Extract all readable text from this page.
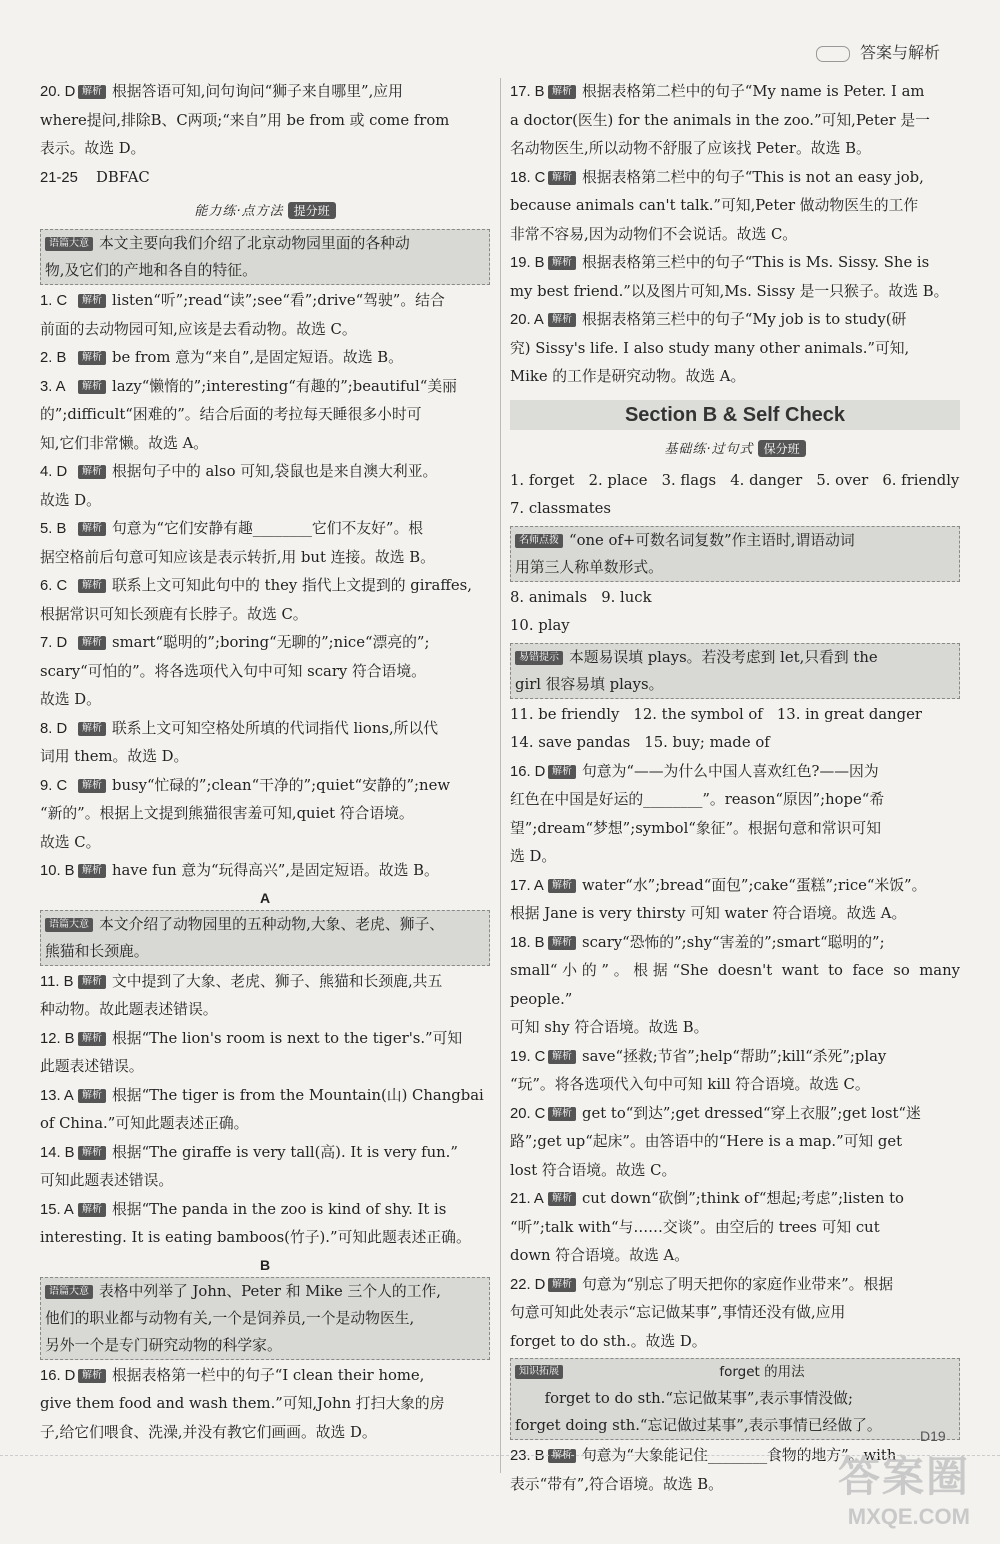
答案与解析

20. D 解析 根据答语可知,问句询问“狮子来自哪里”,应用

where提问,排除B、C两项;“来自”用 be from 或 come from

表示。故选 D。

21-25 DBFAC

能力练·点方法 提分班

语篇大意 本文主要向我们介绍了北京动物园里面的各种动

物,及它们的产地和各自的特征。

1. C 解析 listen“听”;read“读”;see“看”;drive“驾驶”。结合

前面的去动物园可知,应该是去看动物。故选 C。

2. B 解析 be from 意为“来自”,是固定短语。故选 B。

3. A 解析 lazy“懒惰的”;interesting“有趣的”;beautiful“美丽

的”;difficult“困难的”。结合后面的考拉每天睡很多小时可

知,它们非常懒。故选 A。

4. D 解析 根据句子中的 also 可知,袋鼠也是来自澳大利亚。

故选 D。

5. B 解析 句意为“它们安静有趣________它们不友好”。根

据空格前后句意可知应该是表示转折,用 but 连接。故选 B。

6. C 解析 联系上文可知此句中的 they 指代上文提到的 giraffes,

根据常识可知长颈鹿有长脖子。故选 C。

7. D 解析 smart“聪明的”;boring“无聊的”;nice“漂亮的”;

scary“可怕的”。将各选项代入句中可知 scary 符合语境。

故选 D。

8. D 解析 联系上文可知空格处所填的代词指代 lions,所以代

词用 them。故选 D。

9. C 解析 busy“忙碌的”;clean“干净的”;quiet“安静的”;new

“新的”。根据上文提到熊猫很害羞可知,quiet 符合语境。

故选 C。

10. B 解析 have fun 意为“玩得高兴”,是固定短语。故选 B。

A

语篇大意 本文介绍了动物园里的五种动物,大象、老虎、狮子、

熊猫和长颈鹿。

11. B 解析 文中提到了大象、老虎、狮子、熊猫和长颈鹿,共五

种动物。故此题表述错误。

12. B 解析 根据“The lion's room is next to the tiger's.”可知

此题表述错误。

13. A 解析 根据“The tiger is from the Mountain(山) Changbai

of China.”可知此题表述正确。

14. B 解析 根据“The giraffe is very tall(高). It is very fun.”

可知此题表述错误。

15. A 解析 根据“The panda in the zoo is kind of shy. It is

interesting. It is eating bamboos(竹子).”可知此题表述正确。

B

语篇大意 表格中列举了 John、Peter 和 Mike 三个人的工作,

他们的职业都与动物有关,一个是饲养员,一个是动物医生,

另外一个是专门研究动物的科学家。

16. D 解析 根据表格第一栏中的句子“I clean their home,

give them food and wash them.”可知,John 打扫大象的房

子,给它们喂食、洗澡,并没有教它们画画。故选 D。

17. B 解析 根据表格第二栏中的句子“My name is Peter. I am

a doctor(医生) for the animals in the zoo.”可知,Peter 是一

名动物医生,所以动物不舒服了应该找 Peter。故选 B。

18. C 解析 根据表格第二栏中的句子“This is not an easy job,

because animals can't talk.”可知,Peter 做动物医生的工作

非常不容易,因为动物们不会说话。故选 C。

19. B 解析 根据表格第三栏中的句子“This is Ms. Sissy. She is

my best friend.”以及图片可知,Ms. Sissy 是一只猴子。故选 B。

20. A 解析 根据表格第三栏中的句子“My job is to study(研

究) Sissy's life. I also study many other animals.”可知,

Mike 的工作是研究动物。故选 A。

Section B & Self Check
基础练·过句式 保分班

1. forget   2. place   3. flags   4. danger   5. over   6. friendly

7. classmates

名师点拨 “one of+可数名词复数”作主语时,谓语动词

用第三人称单数形式。

8. animals   9. luck

10. play

易错提示 本题易误填 plays。若没考虑到 let,只看到 the

girl 很容易填 plays。

11. be friendly   12. the symbol of   13. in great danger

14. save pandas   15. buy; made of

16. D 解析 句意为“——为什么中国人喜欢红色?——因为

红色在中国是好运的________”。reason“原因”;hope“希

望”;dream“梦想”;symbol“象征”。根据句意和常识可知

选 D。

17. A 解析 water“水”;bread“面包”;cake“蛋糕”;rice“米饭”。

根据 Jane is very thirsty 可知 water 符合语境。故选 A。

18. B 解析 scary“恐怖的”;shy“害羞的”;smart“聪明的”;

small“小的”。根据“She doesn't want to face so many people.”

可知 shy 符合语境。故选 B。

19. C 解析 save“拯救;节省”;help“帮助”;kill“杀死”;play

“玩”。将各选项代入句中可知 kill 符合语境。故选 C。

20. C 解析 get to“到达”;get dressed“穿上衣服”;get lost“迷

路”;get up“起床”。由答语中的“Here is a map.”可知 get

lost 符合语境。故选 C。

21. A 解析 cut down“砍倒”;think of“想起;考虑”;listen to

“听”;talk with“与……交谈”。由空后的 trees 可知 cut

down 符合语境。故选 A。

22. D 解析 句意为“别忘了明天把你的家庭作业带来”。根据

句意可知此处表示“忘记做某事”,事情还没有做,应用

forget to do sth.。故选 D。

知识拓展	forget 的用法

forget to do sth.“忘记做某事”,表示事情没做;

forget doing sth.“忘记做过某事”,表示事情已经做了。

23. B 解析 句意为“大象能记住________食物的地方”。with

表示“带有”,符合语境。故选 B。

D19
答案圈
MXQE.COM
